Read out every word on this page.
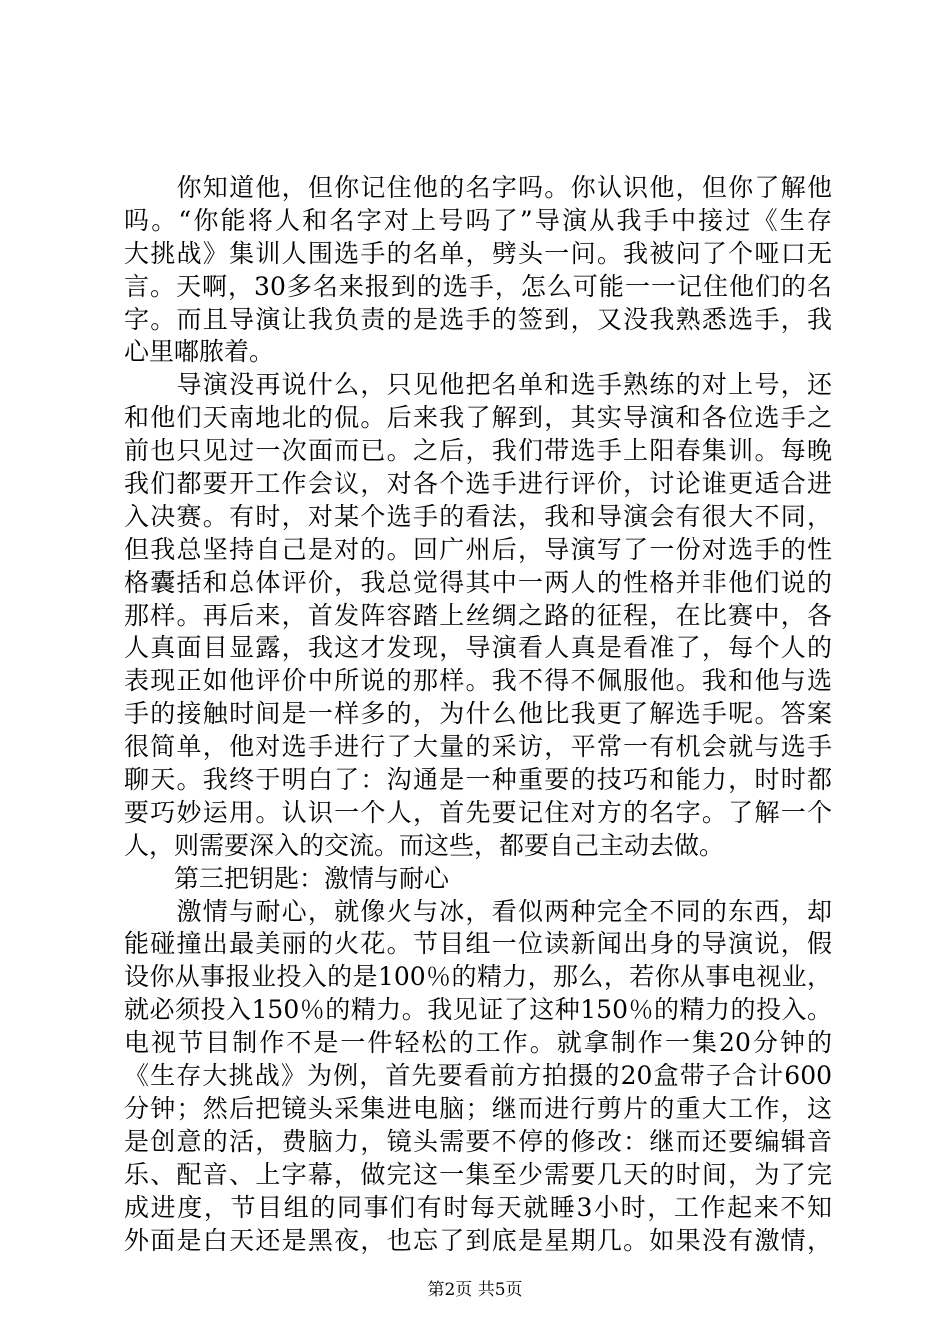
　　你知道他，但你记住他的名字吗。你认识他，但你了解他
吗。“你能将人和名字对上号吗了”导演从我手中接过《生存
大挑战》集训人围选手的名单，劈头一问。我被问了个哑口无
言。天啊，30多名来报到的选手，怎么可能一一记住他们的名
字。而且导演让我负责的是选手的签到，又没我熟悉选手，我
心里嘟脓着。
　　导演没再说什么，只见他把名单和选手熟练的对上号，还
和他们天南地北的侃。后来我了解到，其实导演和各位选手之
前也只见过一次面而已。之后，我们带选手上阳春集训。每晚
我们都要开工作会议，对各个选手进行评价，讨论谁更适合进
入决赛。有时，对某个选手的看法，我和导演会有很大不同，
但我总坚持自己是对的。回广州后，导演写了一份对选手的性
格囊括和总体评价，我总觉得其中一两人的性格并非他们说的
那样。再后来，首发阵容踏上丝绸之路的征程，在比赛中，各
人真面目显露，我这才发现，导演看人真是看准了，每个人的
表现正如他评价中所说的那样。我不得不佩服他。我和他与选
手的接触时间是一样多的，为什么他比我更了解选手呢。答案
很简单，他对选手进行了大量的采访，平常一有机会就与选手
聊天。我终于明白了：沟通是一种重要的技巧和能力，时时都
要巧妙运用。认识一个人，首先要记住对方的名字。了解一个
人，则需要深入的交流。而这些，都要自己主动去做。
　　第三把钥匙：激情与耐心
　　激情与耐心，就像火与冰，看似两种完全不同的东西，却
能碰撞出最美丽的火花。节目组一位读新闻出身的导演说，假
设你从事报业投入的是100％的精力，那么，若你从事电视业，
就必须投入150％的精力。我见证了这种150％的精力的投入。
电视节目制作不是一件轻松的工作。就拿制作一集20分钟的
《生存大挑战》为例，首先要看前方拍摄的20盒带子合计600
分钟；然后把镜头采集进电脑；继而进行剪片的重大工作，这
是创意的活，费脑力，镜头需要不停的修改：继而还要编辑音
乐、配音、上字幕，做完这一集至少需要几天的时间，为了完
成进度，节目组的同事们有时每天就睡3小时，工作起来不知
外面是白天还是黑夜，也忘了到底是星期几。如果没有激情，
第2页 共5页
